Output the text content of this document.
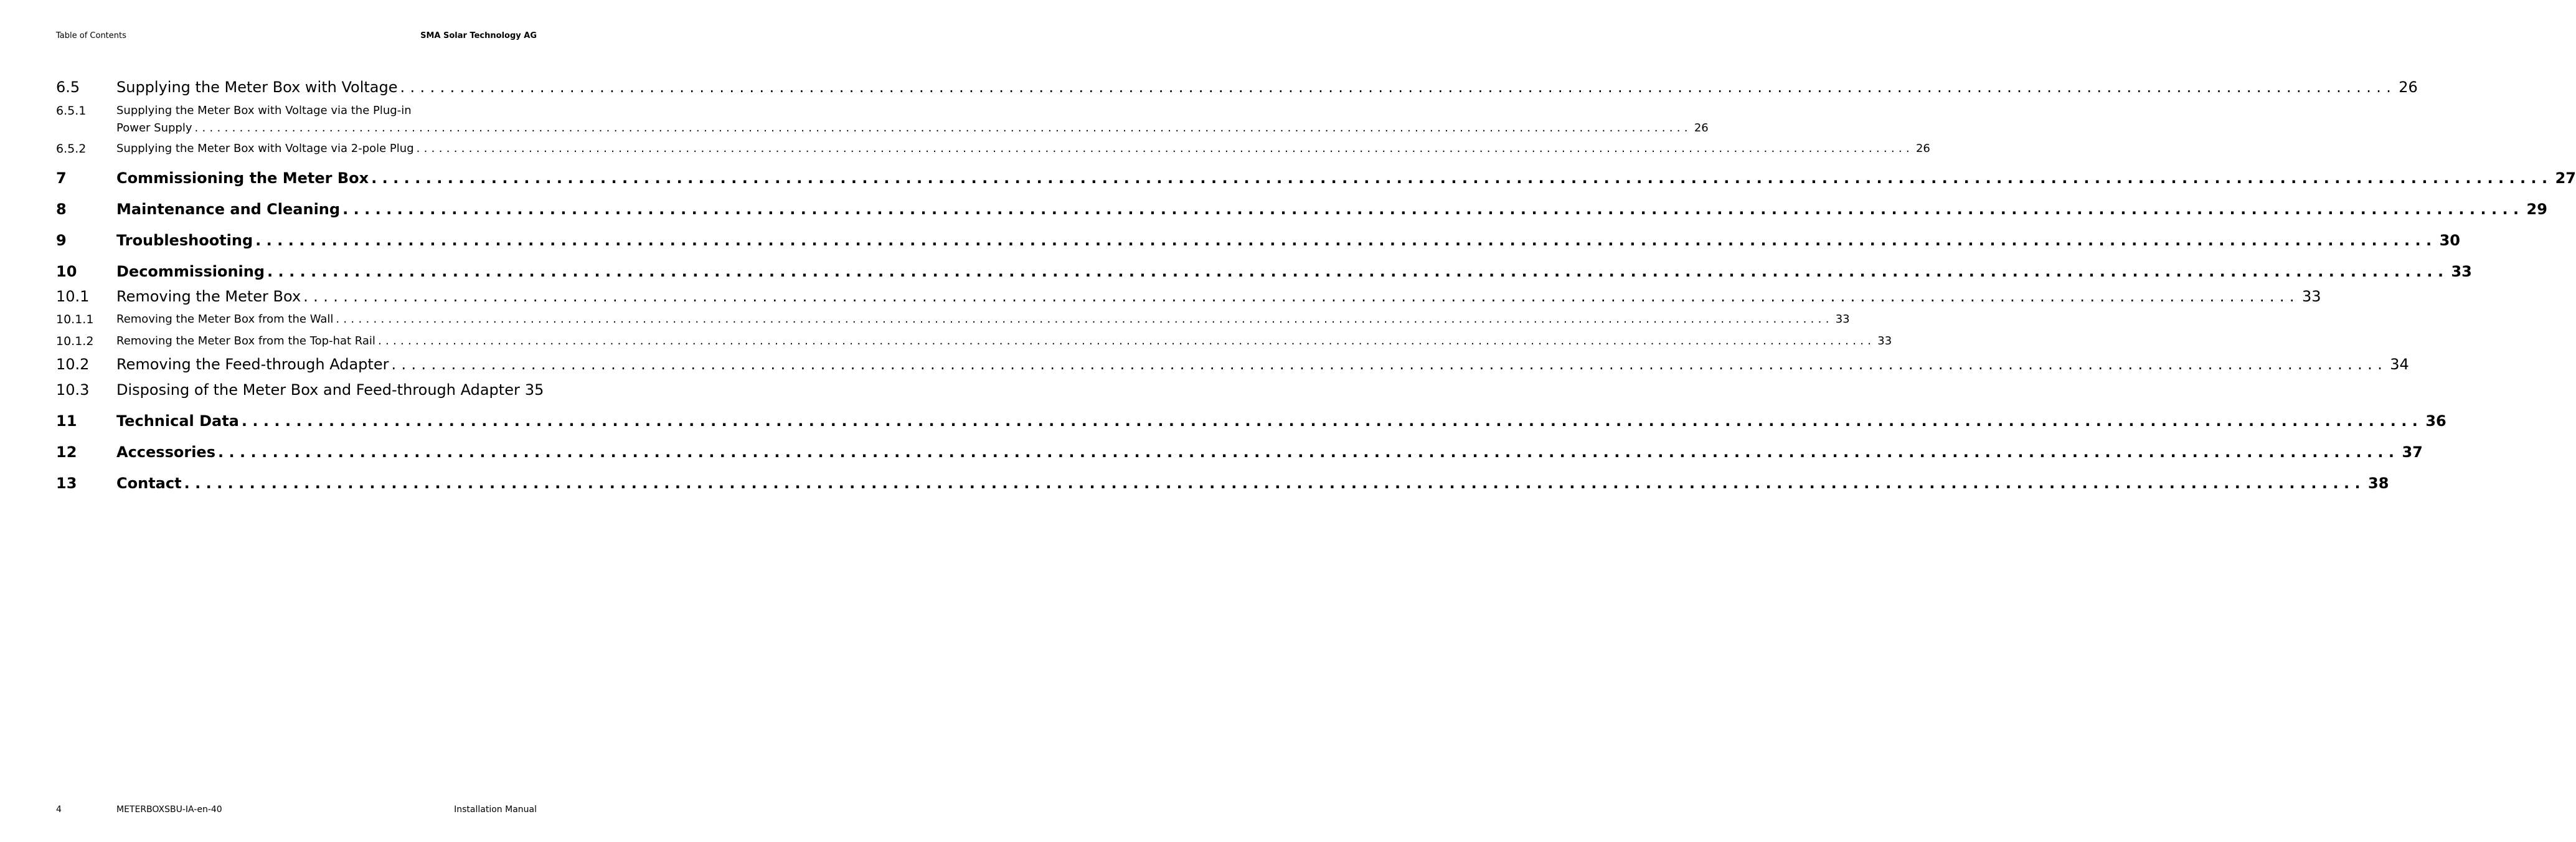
Table of Contents	SMA Solar Technology AG
6.5 Supplying the Meter Box with Voltage ........................................................................................................................................................................................................ 26
6.5.1	Supplying the Meter Box with Voltage via the Plug-in
Power Supply ........................................................................................................................................................................................................ 26
6.5.2	Supplying the Meter Box with Voltage via 2-pole Plug ........................................................................................................................................................................................................ 26
7	Commissioning the Meter Box ........................................................................................................................................................................................................ 27
8	Maintenance and Cleaning ........................................................................................................................................................................................................ 29
9	Troubleshooting ........................................................................................................................................................................................................ 30
10	Decommissioning ........................................................................................................................................................................................................ 33
10.1 Removing the Meter Box ........................................................................................................................................................................................................ 33
10.1.1 Removing the Meter Box from the Wall ........................................................................................................................................................................................................ 33
10.1.2 Removing the Meter Box from the Top-hat Rail ........................................................................................................................................................................................................ 33
10.2 Removing the Feed-through Adapter ........................................................................................................................................................................................................ 34
10.3 Disposing of the Meter Box and Feed-through Adapter 35
11	Technical Data ........................................................................................................................................................................................................ 36
12	Accessories ........................................................................................................................................................................................................ 37
13	Contact ........................................................................................................................................................................................................ 38
4	METERBOXSBU-IA-en-40	Installation Manual
